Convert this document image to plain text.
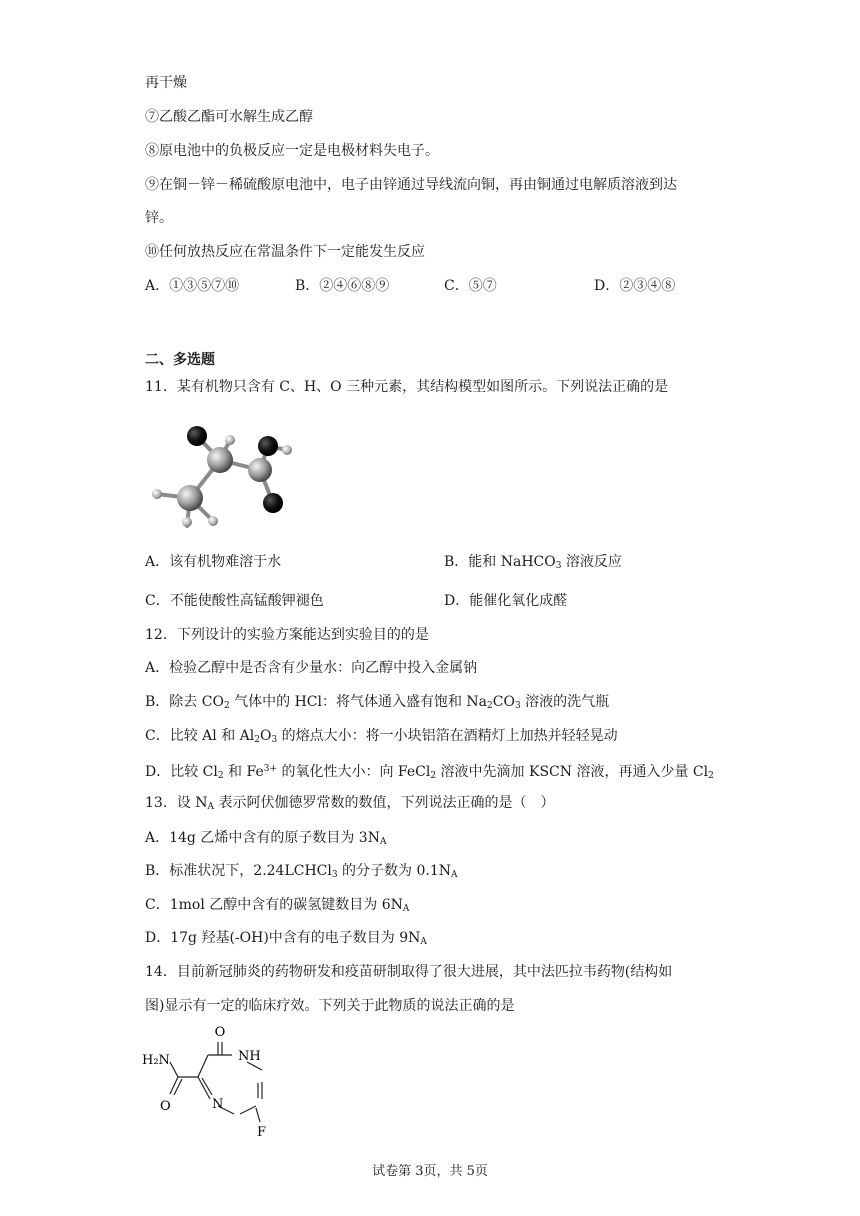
再干燥
⑦乙酸乙酯可水解生成乙醇
⑧原电池中的负极反应一定是电极材料失电子。
⑨在铜－锌－稀硫酸原电池中，电子由锌通过导线流向铜，再由铜通过电解质溶液到达
锌。
⑩任何放热反应在常温条件下一定能发生反应
A．①③⑤⑦⑩	B．②④⑥⑧⑨	C．⑤⑦	D．②③④⑧
二、多选题
11．某有机物只含有 C、H、O 三种元素，其结构模型如图所示。下列说法正确的是
A．该有机物难溶于水	B．能和 NaHCO$_3$ 溶液反应
C．不能使酸性高锰酸钾褪色	D．能催化氧化成醛
12．下列设计的实验方案能达到实验目的的是
A．检验乙醇中是否含有少量水：向乙醇中投入金属钠
B．除去 $CO_2$ 气体中的 HCl：将气体通入盛有饱和 $Na_2CO_3$ 溶液的洗气瓶
C．比较 Al 和 $Al_2O_3$ 的熔点大小：将一小块铝箔在酒精灯上加热并轻轻晃动
D．比较 $Cl_2$ 和 $Fe^{3+}$ 的氧化性大小：向 FeCl$_2$ 溶液中先滴加 KSCN 溶液，再通入少量 $Cl_2$
13．设 $N_A$ 表示阿伏伽德罗常数的数值，下列说法正确的是（　）
A．14g 乙烯中含有的原子数目为 $3N_A$
B．标准状况下，2.24LCHCl$_3$ 的分子数为 $0.1N_A$
C．1mol 乙醇中含有的碳氢键数目为 $6N_A$
D．17g 羟基(-OH)中含有的电子数目为 $9N_A$
14．目前新冠肺炎的药物研发和疫苗研制取得了很大进展，其中法匹拉韦药物(结构如
图)显示有一定的临床疗效。下列关于此物质的说法正确的是
O
NH
H₂N
O	N
F
试卷第 3页，共 5页
